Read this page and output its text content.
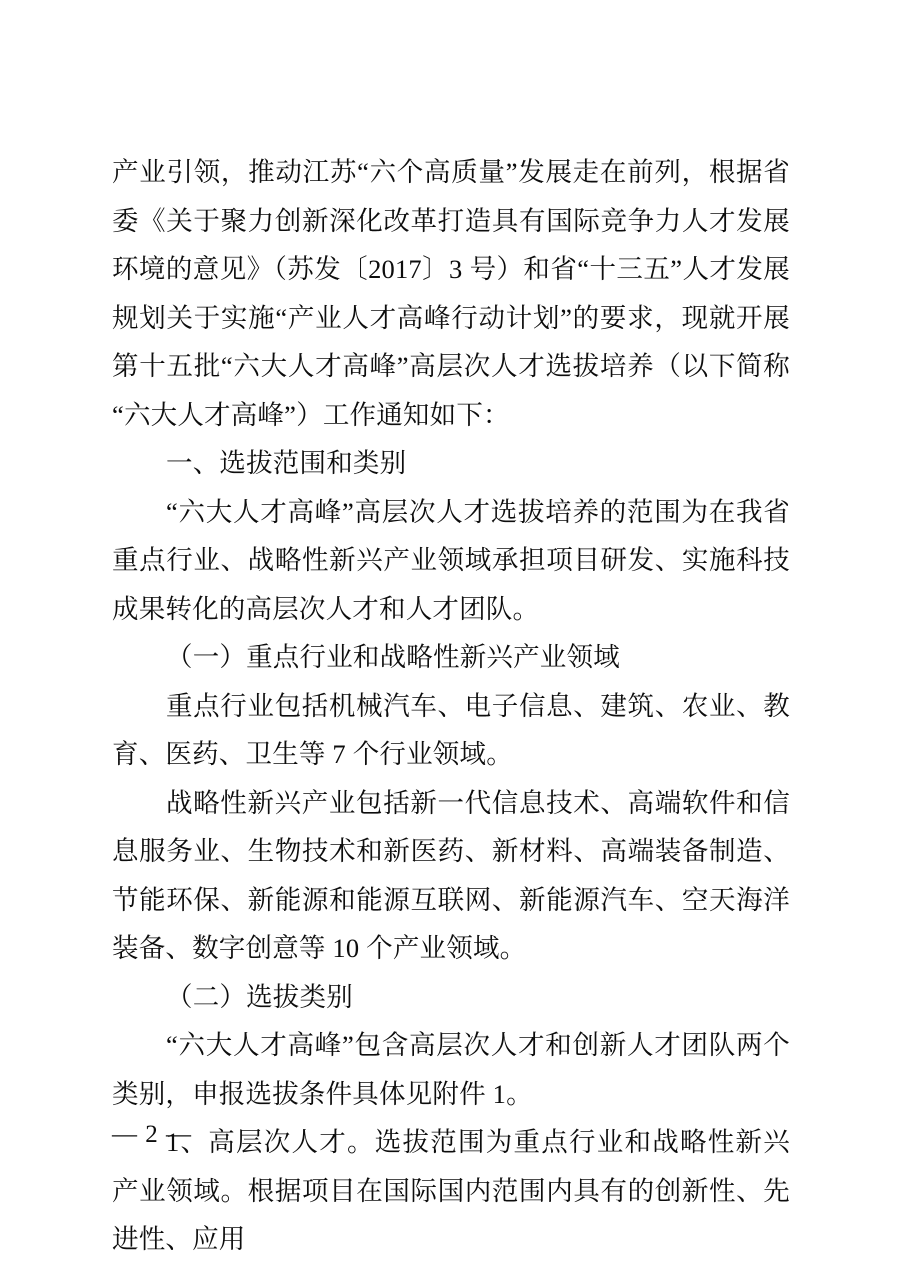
产业引领，推动江苏“六个高质量”发展走在前列，根据省委《关于聚力创新深化改革打造具有国际竞争力人才发展环境的意见》（苏发〔2017〕3 号）和省“十三五”人才发展规划关于实施“产业人才高峰行动计划”的要求，现就开展第十五批“六大人才高峰”高层次人才选拔培养（以下简称“六大人才高峰”）工作通知如下：

一、选拔范围和类别

“六大人才高峰”高层次人才选拔培养的范围为在我省重点行业、战略性新兴产业领域承担项目研发、实施科技成果转化的高层次人才和人才团队。

（一）重点行业和战略性新兴产业领域

重点行业包括机械汽车、电子信息、建筑、农业、教育、医药、卫生等 7 个行业领域。

战略性新兴产业包括新一代信息技术、高端软件和信息服务业、生物技术和新医药、新材料、高端装备制造、节能环保、新能源和能源互联网、新能源汽车、空天海洋装备、数字创意等 10 个产业领域。

（二）选拔类别

“六大人才高峰”包含高层次人才和创新人才团队两个类别，申报选拔条件具体见附件 1。

1、高层次人才。选拔范围为重点行业和战略性新兴产业领域。根据项目在国际国内范围内具有的创新性、先进性、应用

— 2 —
